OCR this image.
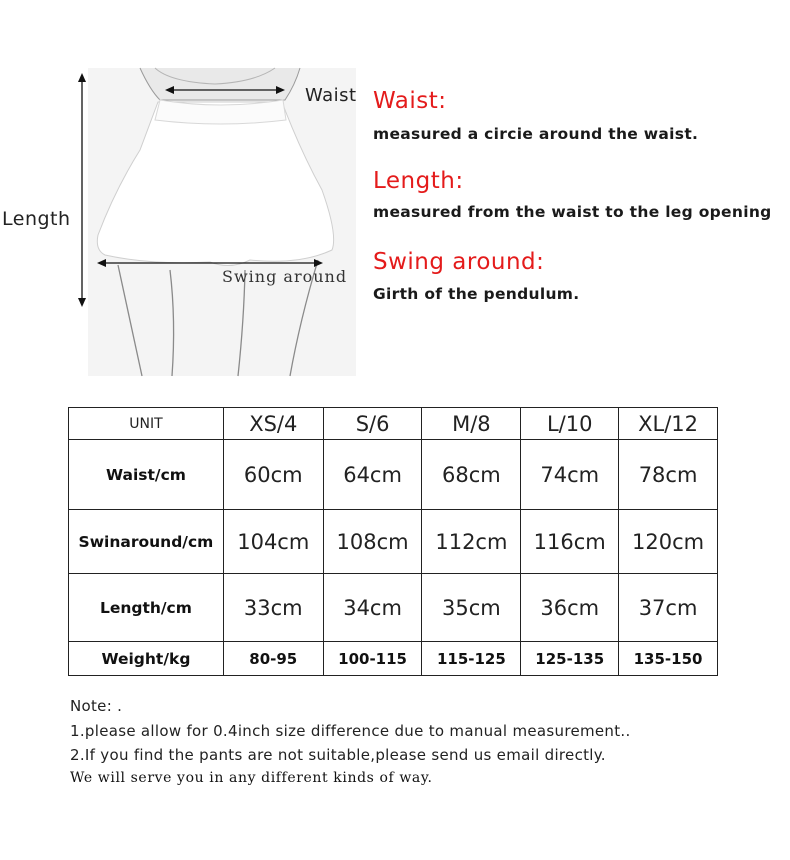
Length
Waist
Swing around
Waist:
measured a circie around the waist.
Length:
measured from the waist to the leg opening
Swing around:
Girth of the pendulum.
UNIT	XS/4	S/6	M/8	L/10	XL/12
Waist/cm	60cm	64cm	68cm	74cm	78cm
Swinaround/cm	104cm	108cm	112cm	116cm	120cm
Length/cm	33cm	34cm	35cm	36cm	37cm
Weight/kg	80-95	100-115	115-125	125-135	135-150
Note: .
1.please allow for 0.4inch size difference due to manual measurement..
2.If you find the pants are not suitable,please send us email directly.
We will serve you in any different kinds of way.
